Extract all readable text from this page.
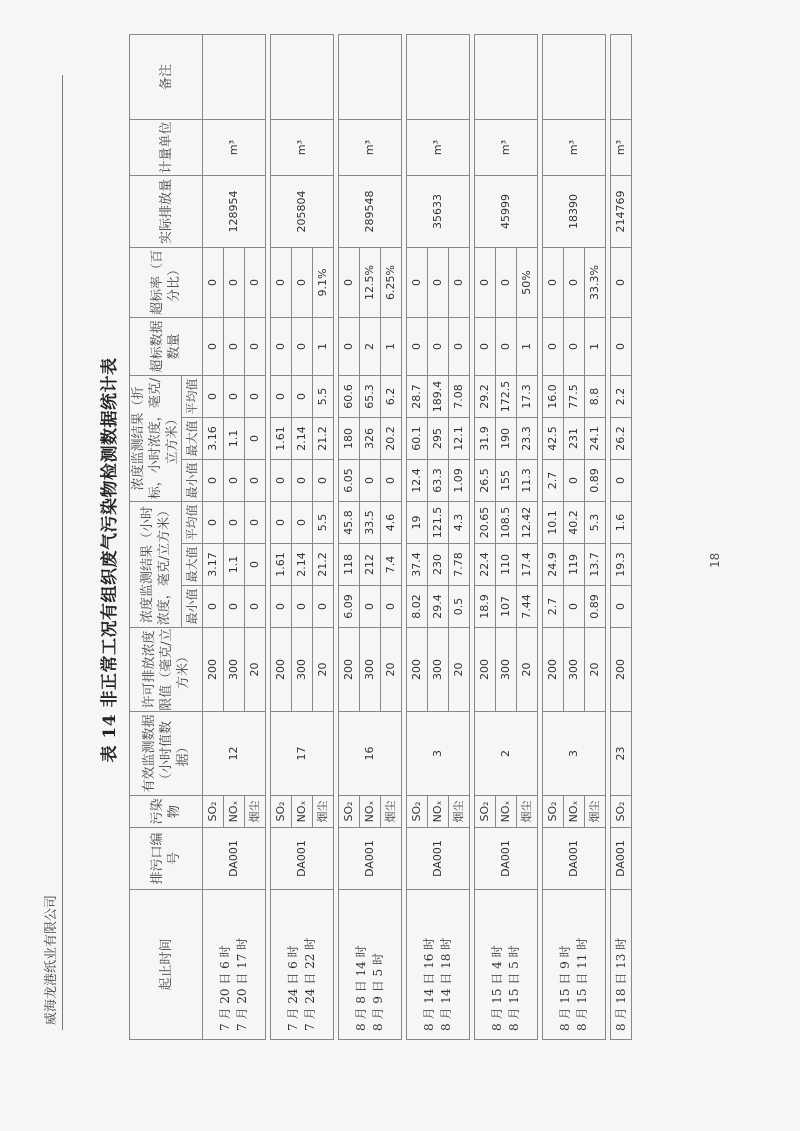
威海龙港纸业有限公司
18
表 14 非正常工况有组织废气污染物检测数据统计表
起止时间	排污口编号	污染物	有效监测数据（小时值数据）	许可排放浓度限值（毫克/立方米）	浓度监测结果（小时浓度，毫克/立方米）			浓度监测结果（折标，小时浓度，毫克/立方米）			超标数据数量	超标率（百分比）	实际排放量	计量单位	备注
					最小值	最大值	平均值	最小值	最大值	平均值					

7 月 20 日 6 时 7 月 20 日 17 时	DA001	SO₂	12	200	0	3.17	0	0	3.16	0	0	0	128954	m³	
		NOₓ		300	0	1.1	0	0	1.1	0	0	0			
		烟尘		20	0	0	0	0	0	0	0	0			

7 月 24 日 6 时 7 月 24 日 22 时	DA001	SO₂	17	200	0	1.61	0	0	1.61	0	0	0	205804	m³	
		NOₓ		300	0	2.14	0	0	2.14	0	0	0			
		烟尘		20	0	21.2	5.5	0	21.2	5.5	1	9.1%			

8 月 8 日 14 时 8 月 9 日 5 时	DA001	SO₂	16	200	6.09	118	45.8	6.05	180	60.6	0	0	289548	m³	
		NOₓ		300	0	212	33.5	0	326	65.3	2	12.5%			
		烟尘		20	0	7.4	4.6	0	20.2	6.2	1	6.25%			

8 月 14 日 16 时 8 月 14 日 18 时	DA001	SO₂	3	200	8.02	37.4	19	12.4	60.1	28.7	0	0	35633	m³	
		NOₓ		300	29.4	230	121.5	63.3	295	189.4	0	0			
		烟尘		20	0.5	7.78	4.3	1.09	12.1	7.08	0	0			

8 月 15 日 4 时 8 月 15 日 5 时	DA001	SO₂	2	200	18.9	22.4	20.65	26.5	31.9	29.2	0	0	45999	m³	
		NOₓ		300	107	110	108.5	155	190	172.5	0	0			
		烟尘		20	7.44	17.4	12.42	11.3	23.3	17.3	1	50%			

8 月 15 日 9 时 8 月 15 日 11 时	DA001	SO₂	3	200	2.7	24.9	10.1	2.7	42.5	16.0	0	0	18390	m³	
		NOₓ		300	0	119	40.2	0	231	77.5	0	0			
		烟尘		20	0.89	13.7	5.3	0.89	24.1	8.8	1	33.3%			

8 月 18 日 13 时	DA001	SO₂	23	200	0	19.3	1.6	0	26.2	2.2	0	0	214769	m³	
